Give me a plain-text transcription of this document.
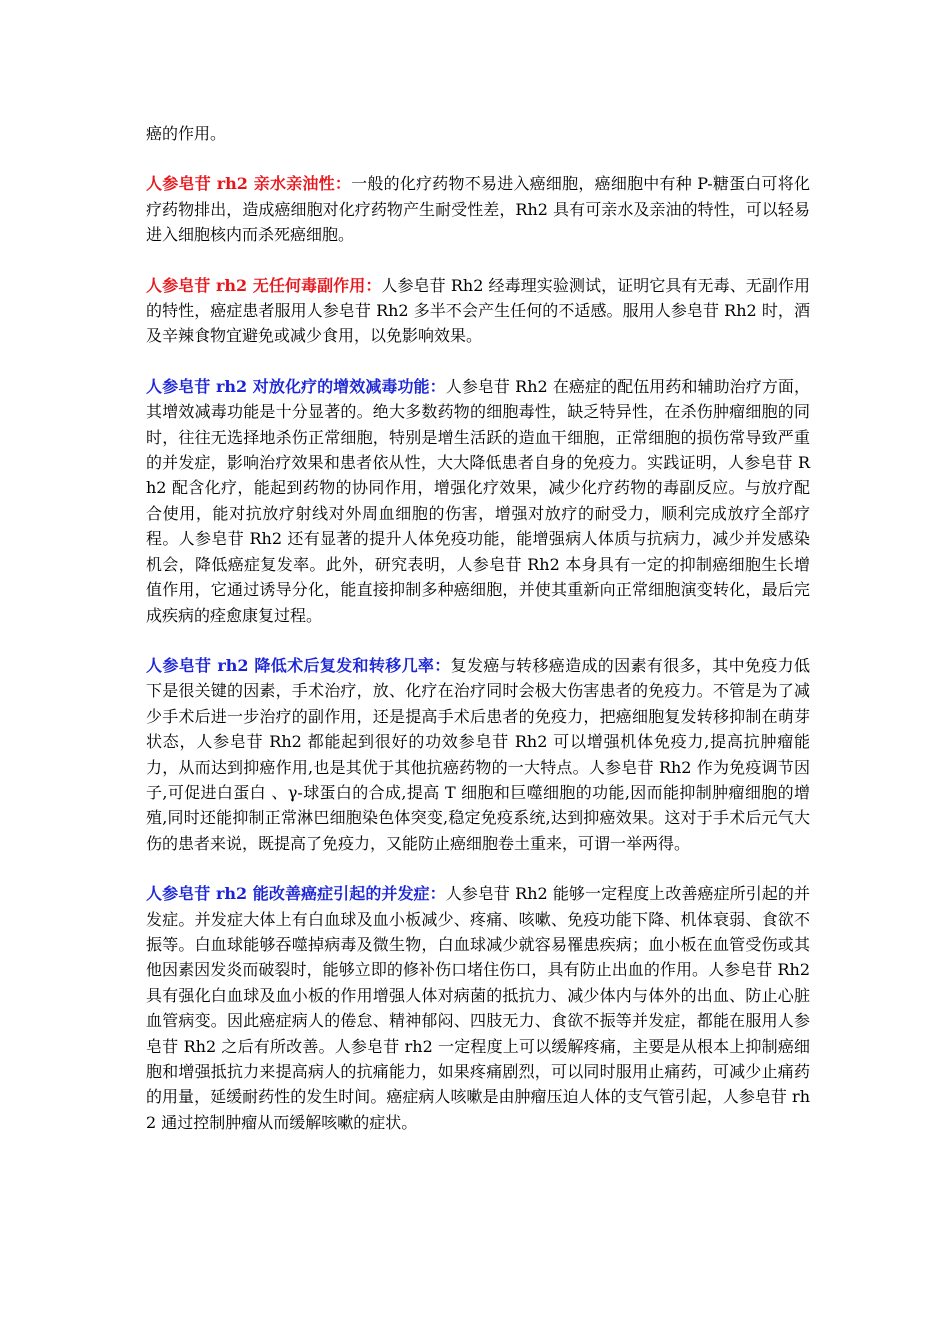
癌的作用。

人参皂苷 rh2 亲水亲油性：一般的化疗药物不易进入癌细胞，癌细胞中有种 P-糖蛋白可将化疗药物排出，造成癌细胞对化疗药物产生耐受性差，Rh2 具有可亲水及亲油的特性，可以轻易进入细胞核内而杀死癌细胞。

人参皂苷 rh2 无任何毒副作用：人参皂苷 Rh2 经毒理实验测试，证明它具有无毒、无副作用的特性，癌症患者服用人参皂苷 Rh2 多半不会产生任何的不适感。服用人参皂苷 Rh2 时，酒及辛辣食物宜避免或减少食用，以免影响效果。

人参皂苷 rh2 对放化疗的增效减毒功能：人参皂苷 Rh2 在癌症的配伍用药和辅助治疗方面，其增效减毒功能是十分显著的。绝大多数药物的细胞毒性，缺乏特异性，在杀伤肿瘤细胞的同时，往往无选择地杀伤正常细胞，特别是增生活跃的造血干细胞，正常细胞的损伤常导致严重的并发症，影响治疗效果和患者依从性，大大降低患者自身的免疫力。实践证明，人参皂苷 Rh2 配含化疗，能起到药物的协同作用，增强化疗效果，减少化疗药物的毒副反应。与放疗配合使用，能对抗放疗射线对外周血细胞的伤害，增强对放疗的耐受力，顺利完成放疗全部疗程。人参皂苷 Rh2 还有显著的提升人体免疫功能，能增强病人体质与抗病力，减少并发感染机会，降低癌症复发率。此外，研究表明，人参皂苷 Rh2 本身具有一定的抑制癌细胞生长增值作用，它通过诱导分化，能直接抑制多种癌细胞，并使其重新向正常细胞演变转化，最后完成疾病的痊愈康复过程。

人参皂苷 rh2 降低术后复发和转移几率：复发癌与转移癌造成的因素有很多，其中免疫力低下是很关键的因素，手术治疗，放、化疗在治疗同时会极大伤害患者的免疫力。不管是为了减少手术后进一步治疗的副作用，还是提高手术后患者的免疫力，把癌细胞复发转移抑制在萌芽状态，人参皂苷 Rh2 都能起到很好的功效参皂苷 Rh2 可以增强机体免疫力,提高抗肿瘤能力，从而达到抑癌作用,也是其优于其他抗癌药物的一大特点。人参皂苷 Rh2 作为免疫调节因子,可促进白蛋白 、γ-球蛋白的合成,提高 T 细胞和巨噬细胞的功能,因而能抑制肿瘤细胞的增殖,同时还能抑制正常淋巴细胞染色体突变,稳定免疫系统,达到抑癌效果。这对于手术后元气大伤的患者来说，既提高了免疫力，又能防止癌细胞卷土重来，可谓一举两得。

人参皂苷 rh2 能改善癌症引起的并发症：人参皂苷 Rh2 能够一定程度上改善癌症所引起的并发症。并发症大体上有白血球及血小板减少、疼痛、咳嗽、免疫功能下降、机体衰弱、食欲不振等。白血球能够吞噬掉病毒及微生物，白血球减少就容易罹患疾病；血小板在血管受伤或其他因素因发炎而破裂时，能够立即的修补伤口堵住伤口，具有防止出血的作用。人参皂苷 Rh2 具有强化白血球及血小板的作用增强人体对病菌的抵抗力、减少体内与体外的出血、防止心脏血管病变。因此癌症病人的倦怠、精神郁闷、四肢无力、食欲不振等并发症，都能在服用人参皂苷 Rh2 之后有所改善。人参皂苷 rh2 一定程度上可以缓解疼痛，主要是从根本上抑制癌细胞和增强抵抗力来提高病人的抗痛能力，如果疼痛剧烈，可以同时服用止痛药，可减少止痛药的用量，延缓耐药性的发生时间。癌症病人咳嗽是由肿瘤压迫人体的支气管引起，人参皂苷 rh2 通过控制肿瘤从而缓解咳嗽的症状。
